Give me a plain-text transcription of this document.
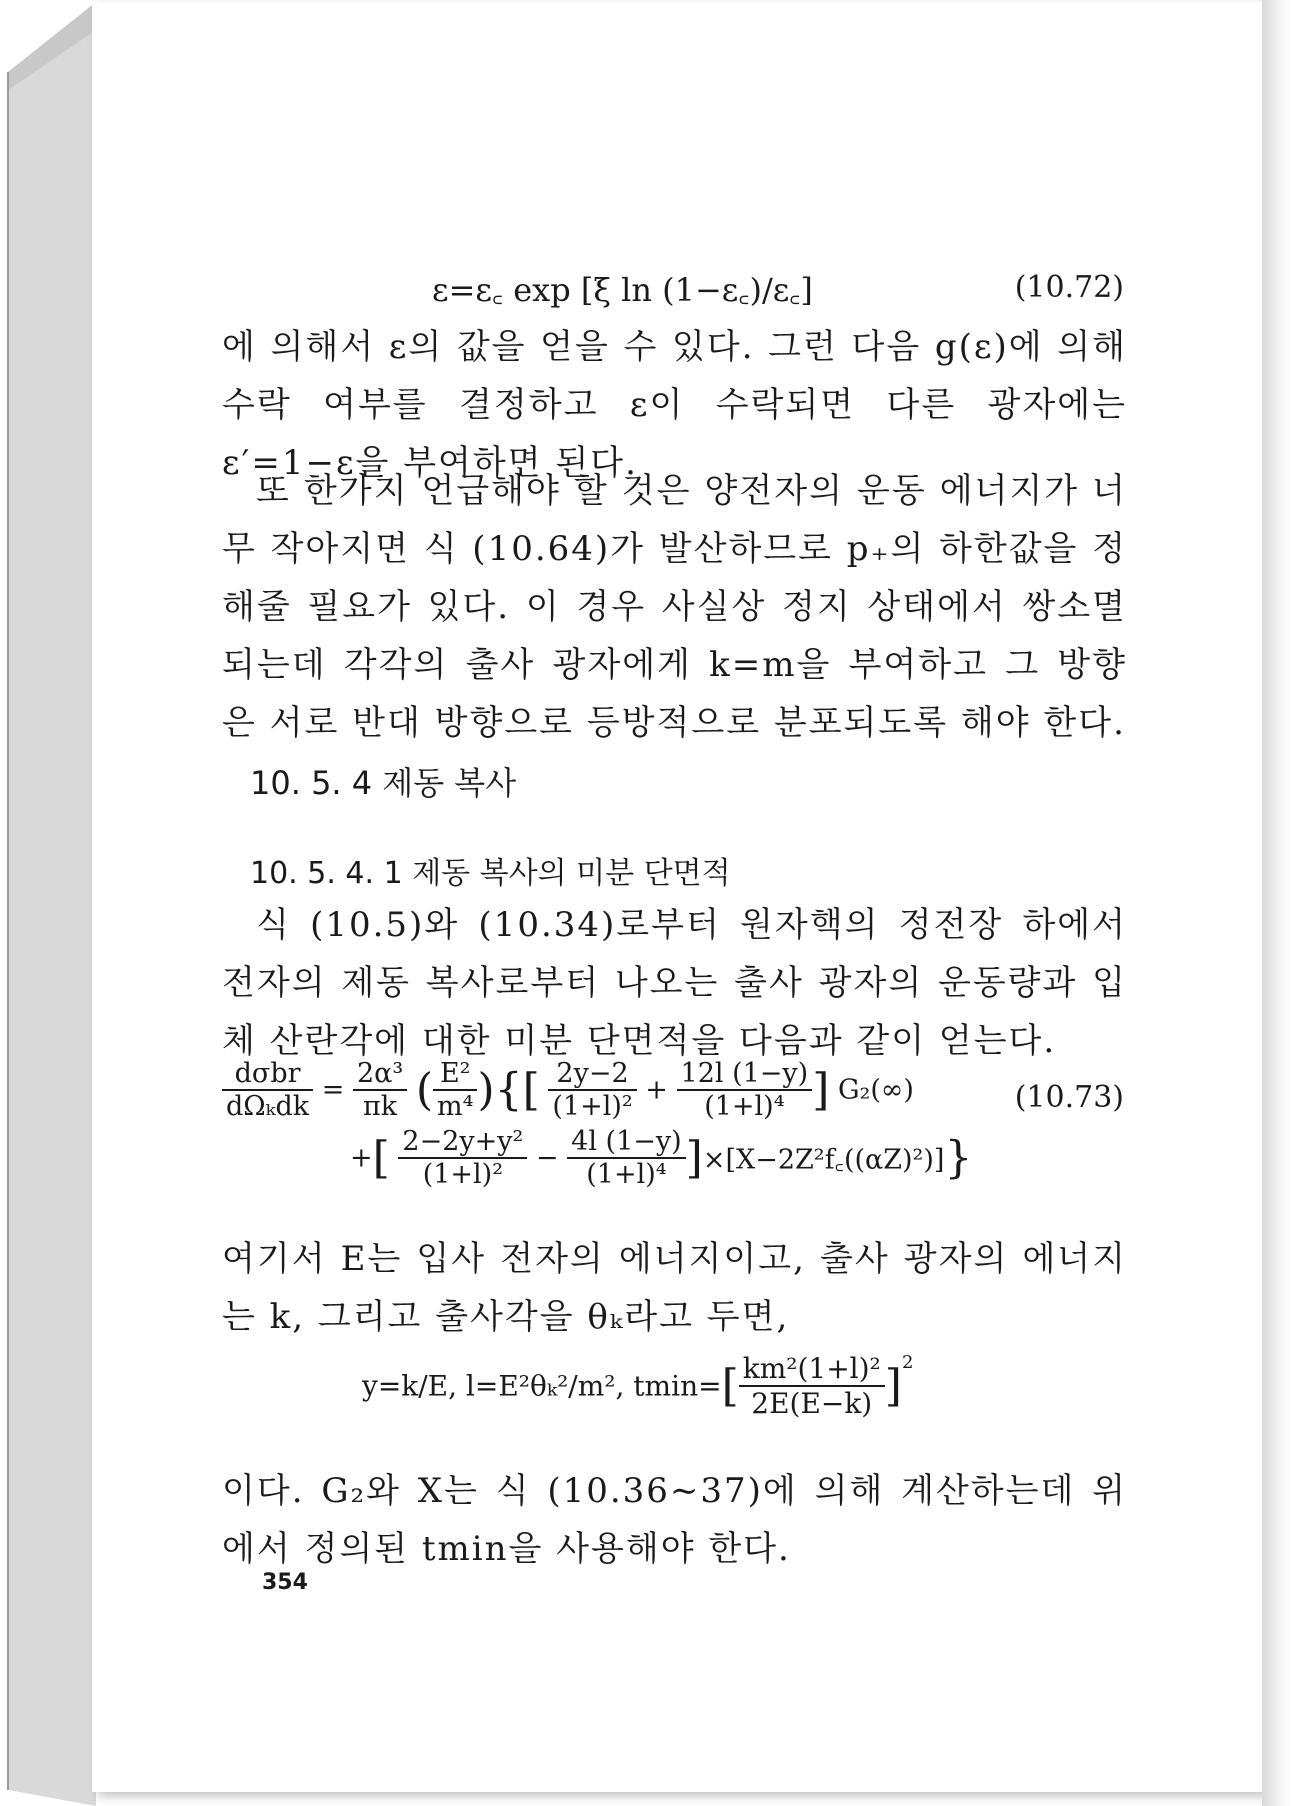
ε=ε꜀ exp [ξ ln (1−ε꜀)/ε꜀]	(10.72)
에 의해서 ε의 값을 얻을 수 있다. 그런 다음 g(ε)에 의해 수락 여부를 결정하고 ε이 수락되면 다른 광자에는 ε′=1−ε을 부여하면 된다.
또 한가지 언급해야 할 것은 양전자의 운동 에너지가 너무 작아지면 식 (10.64)가 발산하므로 p₊의 하한값을 정해줄 필요가 있다. 이 경우 사실상 정지 상태에서 쌍소멸되는데 각각의 출사 광자에게 k=m을 부여하고 그 방향은 서로 반대 방향으로 등방적으로 분포되도록 해야 한다.
10. 5. 4 제동 복사
10. 5. 4. 1 제동 복사의 미분 단면적
식 (10.5)와 (10.34)로부터 원자핵의 정전장 하에서 전자의 제동 복사로부터 나오는 출사 광자의 운동량과 입체 산란각에 대한 미분 단면적을 다음과 같이 얻는다.
$\frac{\text{dσbr}}{\text{dΩₖdk}} = \frac{\text{2α³}}{\pi k}$ ( $\frac{\text{E²}}{\text{m⁴}}$ ){[ $\frac{2y-2}{\text{(1+l)²}} + \frac{12l (1-y)}{\text{(1+l)⁴}}$ ] G₂(∞)
+[ $\frac{\text{2−2y+y²}}{\text{(1+l)²}} - \frac{4l (1-y)}{\text{(1+l)⁴}}$ ]×[X−2Z²f꜀((αZ)²)]}
(10.73)
여기서 E는 입사 전자의 에너지이고, 출사 광자의 에너지는 k, 그리고 출사각을 θₖ라고 두면,
y=k/E, l=E²θₖ²/m², $tmin=[ \frac{\text{km²(1+l)²}}{2E(E-k)} ]^2$
이다. G₂와 X는 식 (10.36∼37)에 의해 계산하는데 위에서 정의된 tmin을 사용해야 한다.
354
